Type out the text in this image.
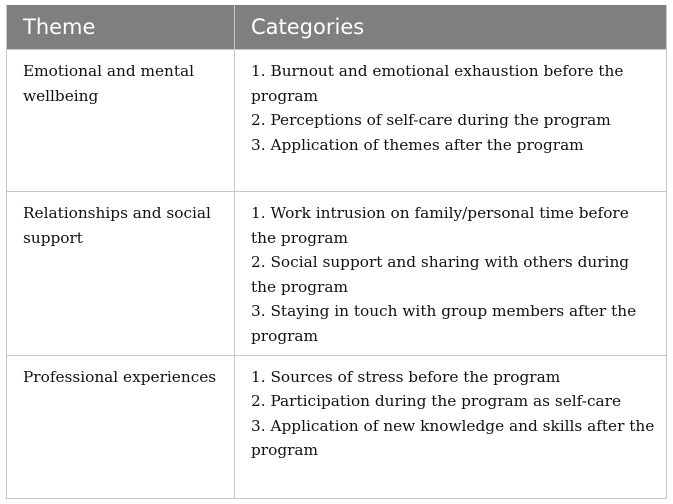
Theme	Categories
Emotional and mental wellbeing	1. Burnout and emotional exhaustion before the program
2. Perceptions of self-care during the program
3. Application of themes after the program

Relationships and social support	1. Work intrusion on family/personal time before the program
2. Social support and sharing with others during the program
3. Staying in touch with group members after the program

Professional experiences	1. Sources of stress before the program
2. Participation during the program as self-care
3. Application of new knowledge and skills after the program
